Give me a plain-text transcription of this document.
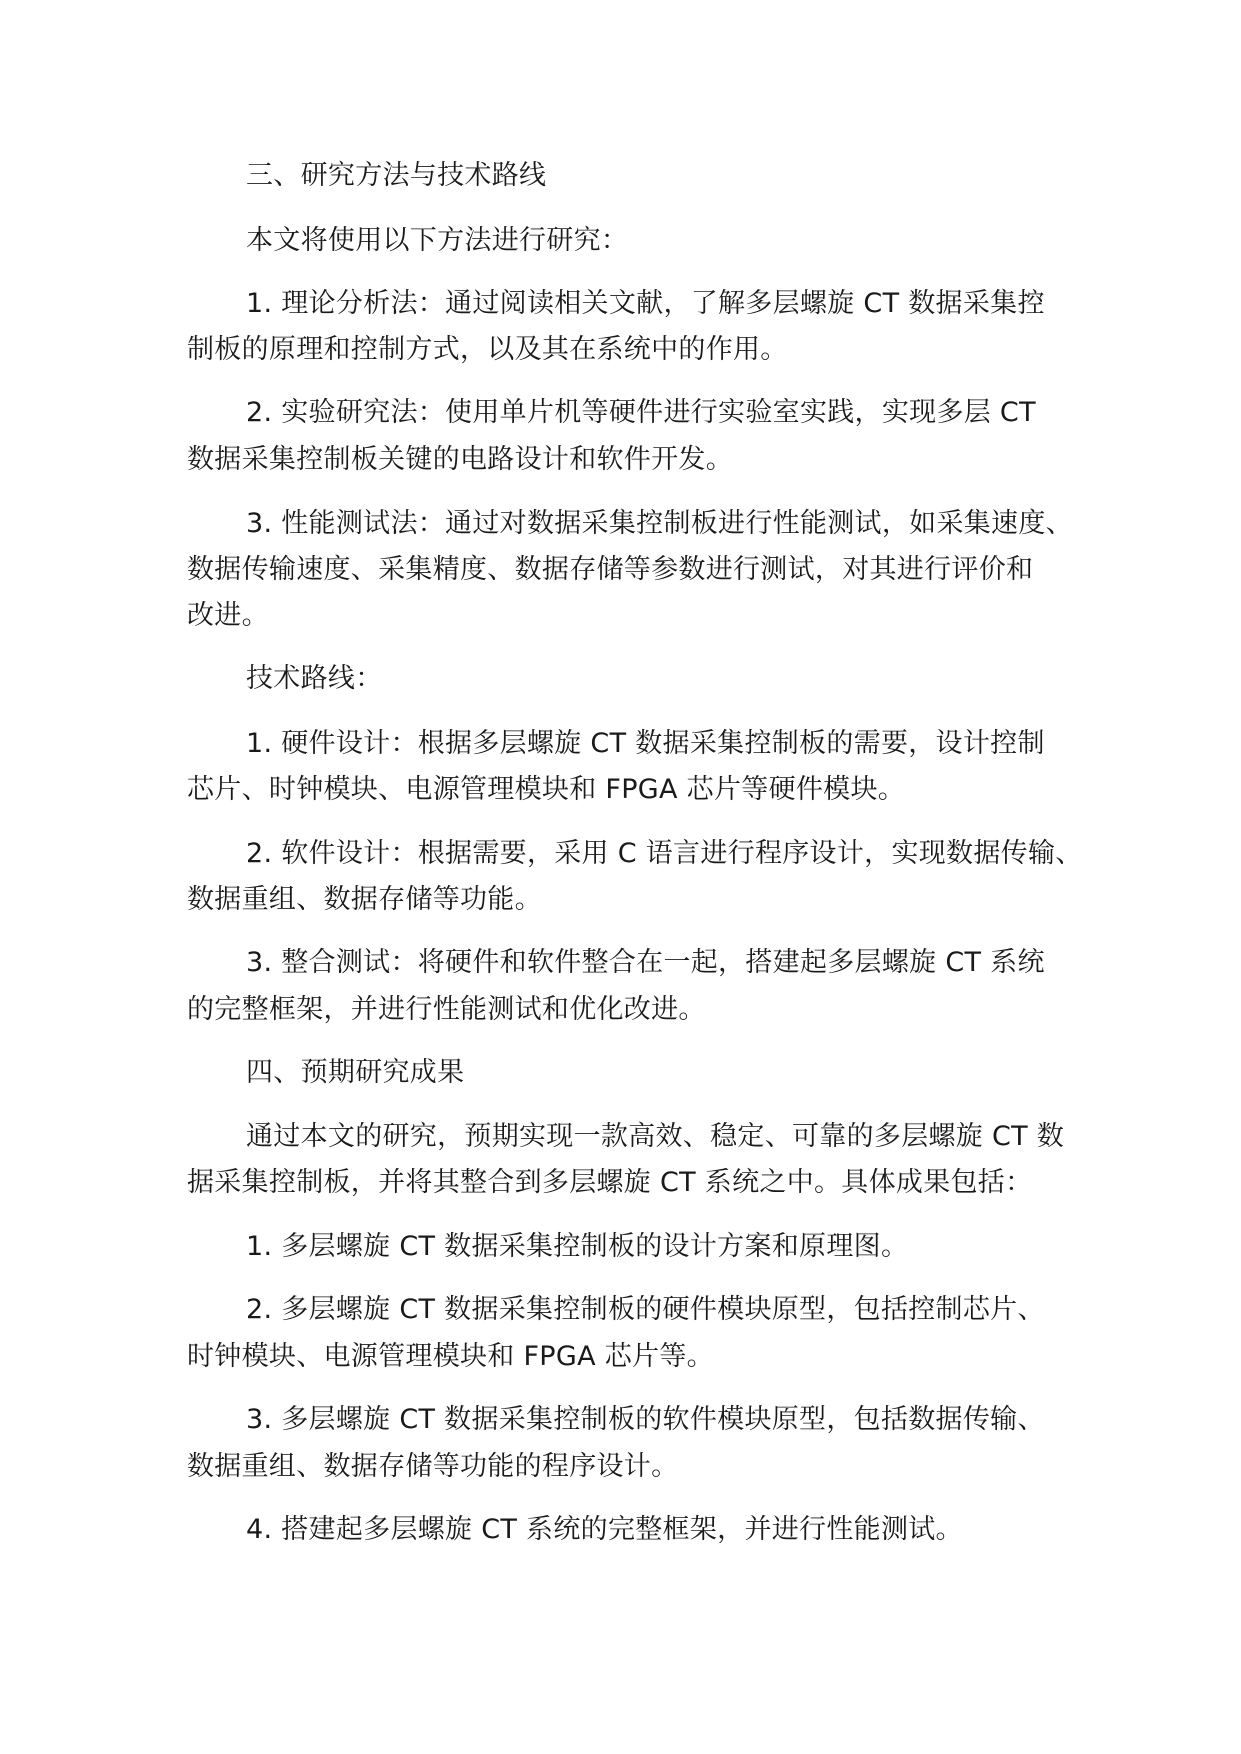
三、研究方法与技术路线
本文将使用以下方法进行研究：
1. 理论分析法：通过阅读相关文献，了解多层螺旋 CT 数据采集控
制板的原理和控制方式，以及其在系统中的作用。
2. 实验研究法：使用单片机等硬件进行实验室实践，实现多层 CT
数据采集控制板关键的电路设计和软件开发。
3. 性能测试法：通过对数据采集控制板进行性能测试，如采集速度、
数据传输速度、采集精度、数据存储等参数进行测试，对其进行评价和
改进。
技术路线：
1. 硬件设计：根据多层螺旋 CT 数据采集控制板的需要，设计控制
芯片、时钟模块、电源管理模块和 FPGA 芯片等硬件模块。
2. 软件设计：根据需要，采用 C 语言进行程序设计，实现数据传输、
数据重组、数据存储等功能。
3. 整合测试：将硬件和软件整合在一起，搭建起多层螺旋 CT 系统
的完整框架，并进行性能测试和优化改进。
四、预期研究成果
通过本文的研究，预期实现一款高效、稳定、可靠的多层螺旋 CT 数
据采集控制板，并将其整合到多层螺旋 CT 系统之中。具体成果包括：
1. 多层螺旋 CT 数据采集控制板的设计方案和原理图。
2. 多层螺旋 CT 数据采集控制板的硬件模块原型，包括控制芯片、
时钟模块、电源管理模块和 FPGA 芯片等。
3. 多层螺旋 CT 数据采集控制板的软件模块原型，包括数据传输、
数据重组、数据存储等功能的程序设计。
4. 搭建起多层螺旋 CT 系统的完整框架，并进行性能测试。
